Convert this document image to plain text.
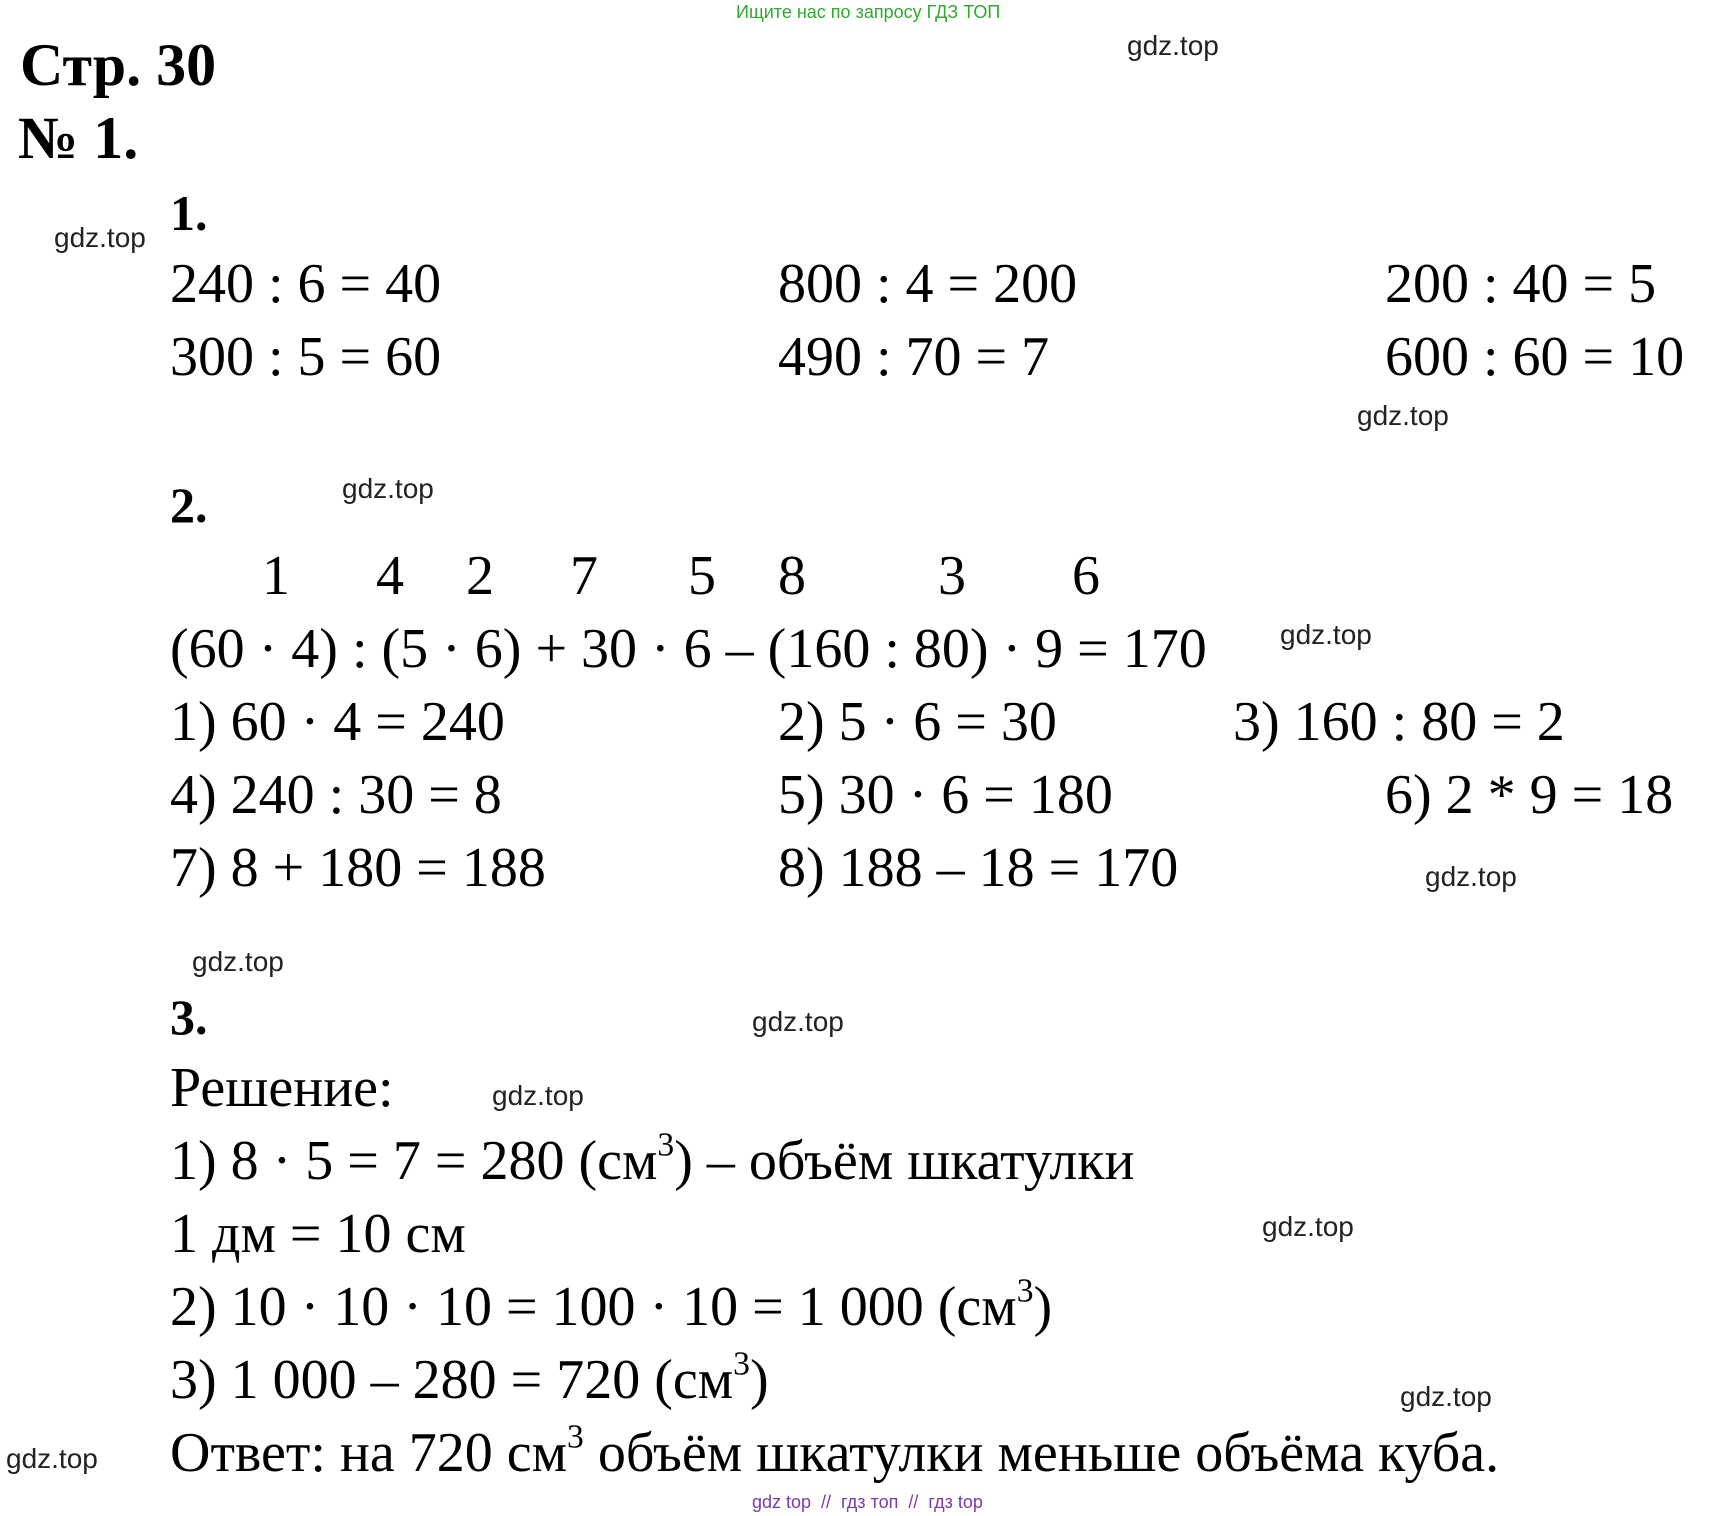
Ищите нас по запросу ГДЗ ТОП
Стр. 30
№ 1.
gdz.top
gdz.top
gdz.top
gdz.top
gdz.top
gdz.top
gdz.top
gdz.top
gdz.top
gdz.top
gdz.top
gdz.top
1.
240 : 6 = 40	800 : 4 = 200	200 : 40 = 5
300 : 5 = 60	490 : 70 = 7	600 : 60 = 10
2.
1 4 2 7 5 8 3 6
(60 · 4) : (5 · 6) + 30 · 6 – (160 : 80) · 9 = 170
1) 60 · 4 = 240	2) 5 · 6 = 30	3) 160 : 80 = 2
4) 240 : 30 = 8	5) 30 · 6 = 180	6) 2 * 9 = 18
7) 8 + 180 = 188	8) 188 – 18 = 170
3.
Решение:
1) 8 · 5 = 7 = 280 $(см^3)$ – объём шкатулки
1 дм = 10 см
2) 10 · 10 · 10 = 100 · 10 = 1 000 $(см^3)$
3) 1 000 – 280 = 720 $(см^3)$
Ответ: на 720 $см^3$ объём шкатулки меньше объёма куба.
gdz top  //  гдз топ  //  гдз top
